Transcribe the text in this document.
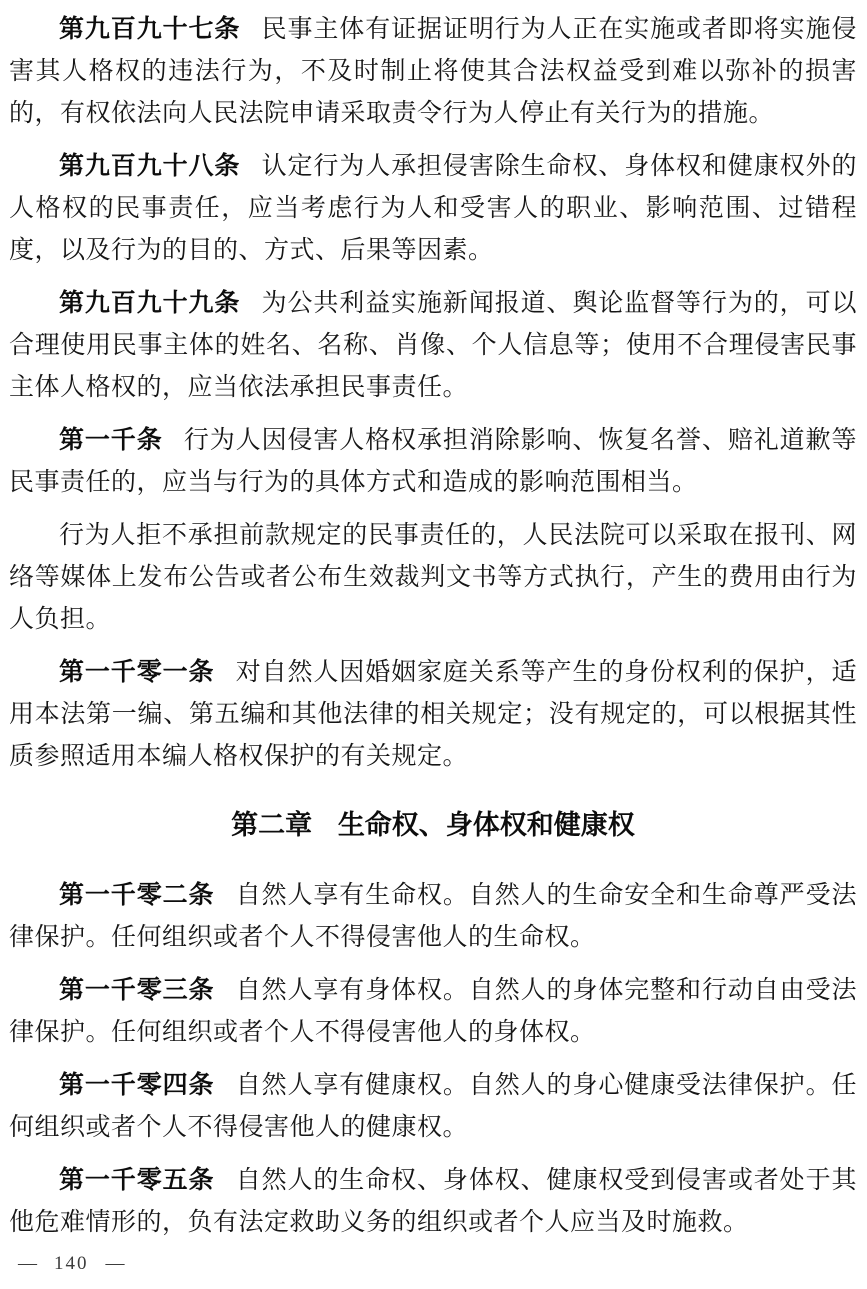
第九百九十七条 民事主体有证据证明行为人正在实施或者即将实施侵害其人格权的违法行为，不及时制止将使其合法权益受到难以弥补的损害的，有权依法向人民法院申请采取责令行为人停止有关行为的措施。

第九百九十八条 认定行为人承担侵害除生命权、身体权和健康权外的人格权的民事责任，应当考虑行为人和受害人的职业、影响范围、过错程度，以及行为的目的、方式、后果等因素。

第九百九十九条 为公共利益实施新闻报道、舆论监督等行为的，可以合理使用民事主体的姓名、名称、肖像、个人信息等；使用不合理侵害民事主体人格权的，应当依法承担民事责任。

第一千条 行为人因侵害人格权承担消除影响、恢复名誉、赔礼道歉等民事责任的，应当与行为的具体方式和造成的影响范围相当。

行为人拒不承担前款规定的民事责任的，人民法院可以采取在报刊、网络等媒体上发布公告或者公布生效裁判文书等方式执行，产生的费用由行为人负担。

第一千零一条 对自然人因婚姻家庭关系等产生的身份权利的保护，适用本法第一编、第五编和其他法律的相关规定；没有规定的，可以根据其性质参照适用本编人格权保护的有关规定。

第二章 生命权、身体权和健康权

第一千零二条 自然人享有生命权。自然人的生命安全和生命尊严受法律保护。任何组织或者个人不得侵害他人的生命权。

第一千零三条 自然人享有身体权。自然人的身体完整和行动自由受法律保护。任何组织或者个人不得侵害他人的身体权。

第一千零四条 自然人享有健康权。自然人的身心健康受法律保护。任何组织或者个人不得侵害他人的健康权。

第一千零五条 自然人的生命权、身体权、健康权受到侵害或者处于其他危难情形的，负有法定救助义务的组织或者个人应当及时施救。

— 140 —
